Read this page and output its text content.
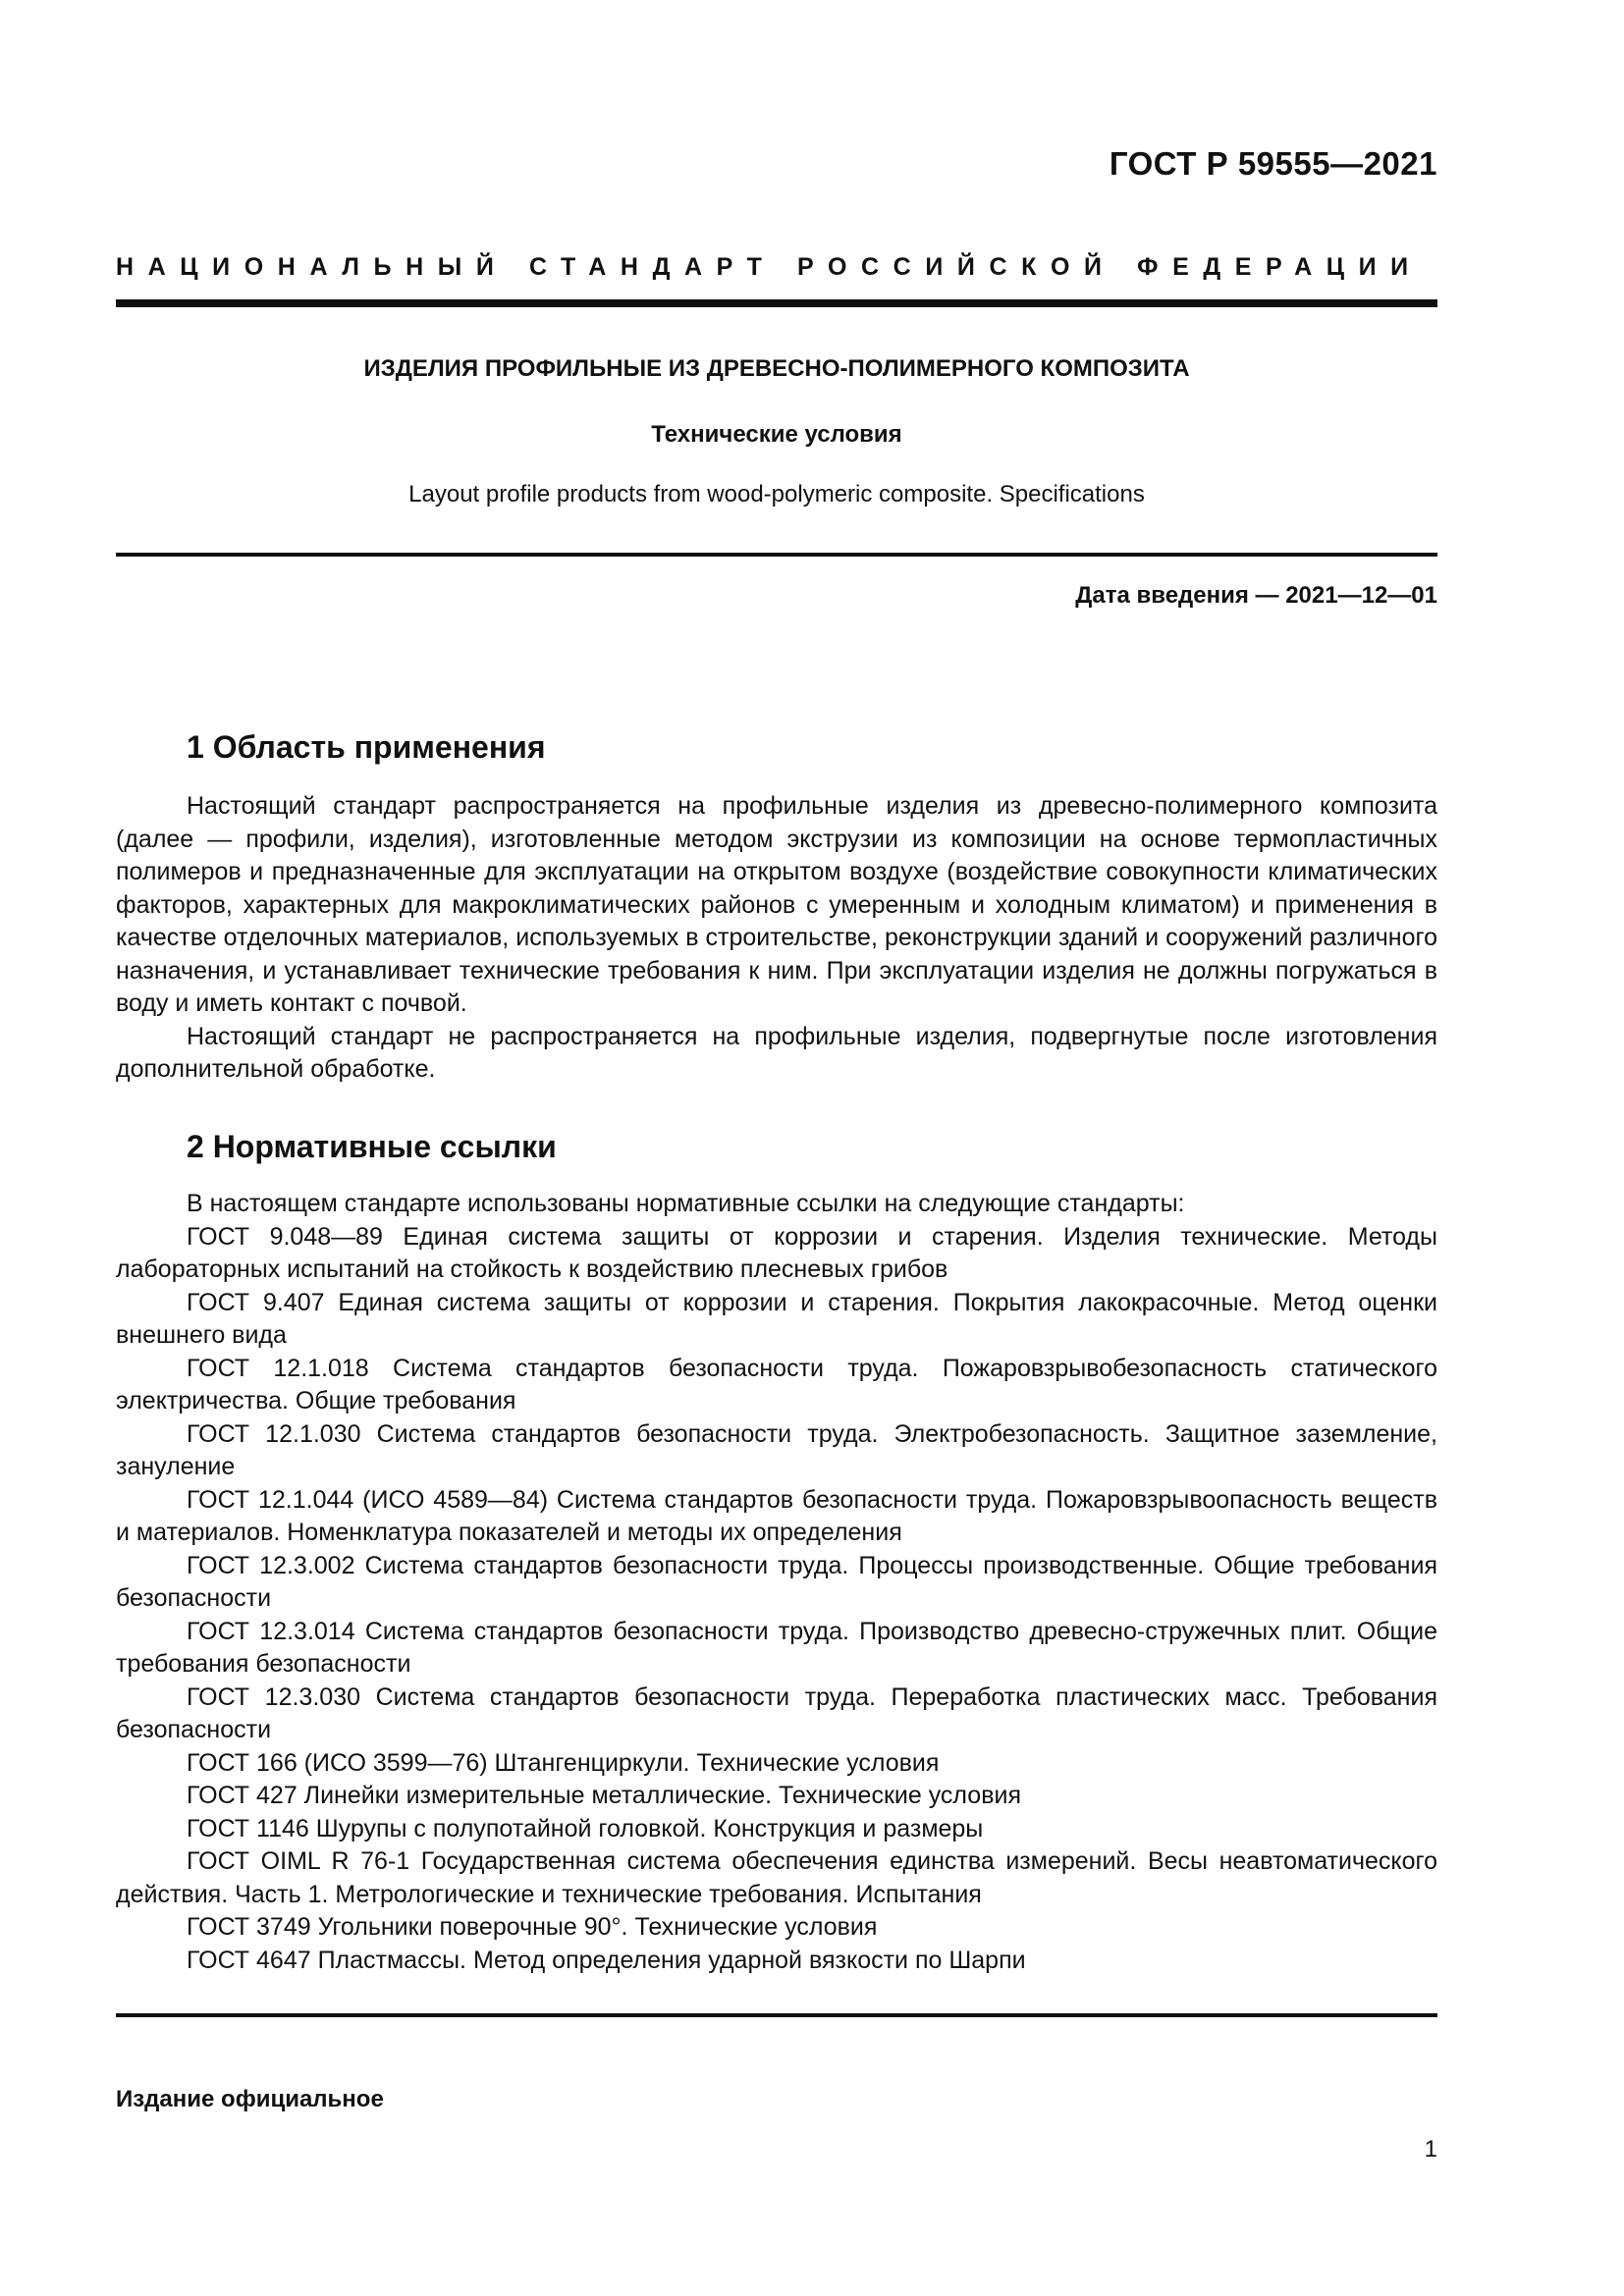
ГОСТ Р 59555—2021
НАЦИОНАЛЬНЫЙ СТАНДАРТ РОССИЙСКОЙ ФЕДЕРАЦИИ
ИЗДЕЛИЯ ПРОФИЛЬНЫЕ ИЗ ДРЕВЕСНО-ПОЛИМЕРНОГО КОМПОЗИТА
Технические условия
Layout profile products from wood-polymeric composite. Specifications
Дата введения — 2021—12—01
1 Область применения

Настоящий стандарт распространяется на профильные изделия из древесно-полимерного композита (далее — профили, изделия), изготовленные методом экструзии из композиции на основе термопластичных полимеров и предназначенные для эксплуатации на открытом воздухе (воздействие совокупности климатических факторов, характерных для макроклиматических районов с умеренным и холодным климатом) и применения в качестве отделочных материалов, используемых в строительстве, реконструкции зданий и сооружений различного назначения, и устанавливает технические требования к ним. При эксплуатации изделия не должны погружаться в воду и иметь контакт с почвой.

Настоящий стандарт не распространяется на профильные изделия, подвергнутые после изготовления дополнительной обработке.

2 Нормативные ссылки

В настоящем стандарте использованы нормативные ссылки на следующие стандарты:

ГОСТ 9.048—89 Единая система защиты от коррозии и старения. Изделия технические. Методы лабораторных испытаний на стойкость к воздействию плесневых грибов

ГОСТ 9.407 Единая система защиты от коррозии и старения. Покрытия лакокрасочные. Метод оценки внешнего вида

ГОСТ 12.1.018 Система стандартов безопасности труда. Пожаровзрывобезопасность статического электричества. Общие требования

ГОСТ 12.1.030 Система стандартов безопасности труда. Электробезопасность. Защитное заземление, зануление

ГОСТ 12.1.044 (ИСО 4589—84) Система стандартов безопасности труда. Пожаровзрывоопасность веществ и материалов. Номенклатура показателей и методы их определения

ГОСТ 12.3.002 Система стандартов безопасности труда. Процессы производственные. Общие требования безопасности

ГОСТ 12.3.014 Система стандартов безопасности труда. Производство древесно-стружечных плит. Общие требования безопасности

ГОСТ 12.3.030 Система стандартов безопасности труда. Переработка пластических масс. Требования безопасности

ГОСТ 166 (ИСО 3599—76) Штангенциркули. Технические условия

ГОСТ 427 Линейки измерительные металлические. Технические условия

ГОСТ 1146 Шурупы с полупотайной головкой. Конструкция и размеры

ГОСТ OIML R 76-1 Государственная система обеспечения единства измерений. Весы неавтоматического действия. Часть 1. Метрологические и технические требования. Испытания

ГОСТ 3749 Угольники поверочные 90°. Технические условия

ГОСТ 4647 Пластмассы. Метод определения ударной вязкости по Шарпи

Издание официальное
1
